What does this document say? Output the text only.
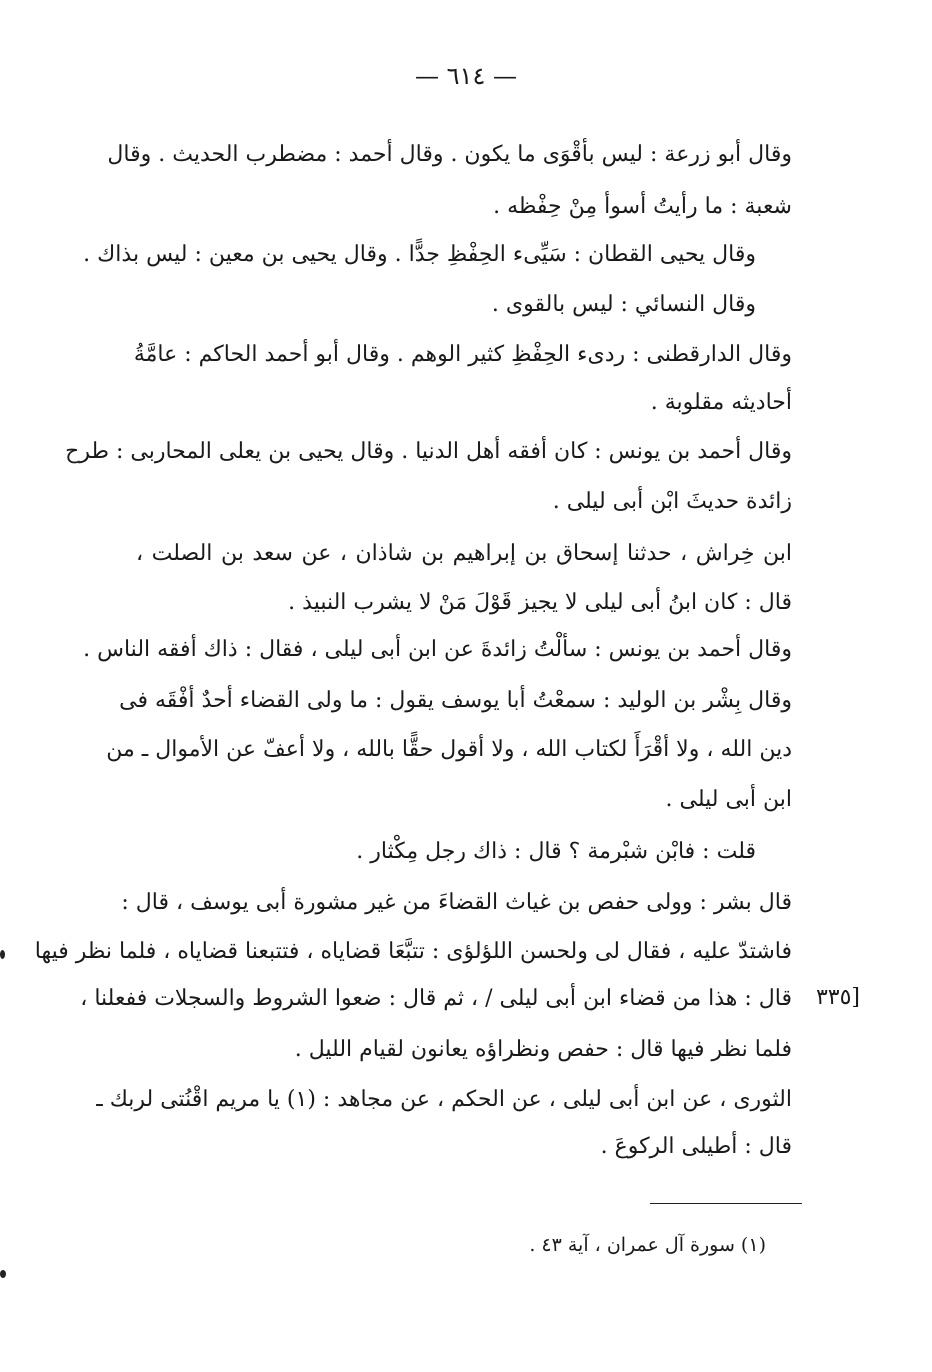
— ٦١٤ —
وقال أبو زرعة : ليس بأقْوَى ما يكون . وقال أحمد : مضطرب الحديث . وقال
شعبة : ما رأيتُ أسوأ مِنْ حِفْظه .
وقال يحيى القطان : سَيِّىء الحِفْظِ جدًّا . وقال يحيى بن معين : ليس بذاك .
وقال النسائي : ليس بالقوى .
وقال الدارقطنى : ردىء الحِفْظِ كثير الوهم . وقال أبو أحمد الحاكم : عامَّةُ
أحاديثه مقلوبة .
وقال أحمد بن يونس : كان أفقه أهل الدنيا . وقال يحيى بن يعلى المحاربى : طرح
زائدة حديثَ ابْن أبى ليلى .
ابن خِراش ، حدثنا إسحاق بن إبراهيم بن شاذان ، عن سعد بن الصلت ،
قال : كان ابنُ أبى ليلى لا يجيز قَوْلَ مَنْ لا يشرب النبيذ .
وقال أحمد بن يونس : سألْتُ زائدةَ عن ابن أبى ليلى ، فقال : ذاك أفقه الناس .
وقال بِشْر بن الوليد : سمعْتُ أبا يوسف يقول : ما ولى القضاء أحدٌ أفْقَه فى
دين الله ، ولا أقْرَأَ لكتاب الله ، ولا أقول حقًّا بالله ، ولا أعفّ عن الأموال ـ من
ابن أبى ليلى .
قلت : فابْن شبْرمة ؟ قال : ذاك رجل مِكْثار .
قال بشر : وولى حفص بن غياث القضاءَ من غير مشورة أبى يوسف ، قال :
فاشتدّ عليه ، فقال لى ولحسن اللؤلؤى : تتبَّعَا قضاياه ، فتتبعنا قضاياه ، فلما نظر فيها
قال : هذا من قضاء ابن أبى ليلى / ، ثم قال : ضعوا الشروط والسجلات ففعلنا ،
فلما نظر فيها قال : حفص ونظراؤه يعانون لقيام الليل .
الثورى ، عن ابن أبى ليلى ، عن الحكم ، عن مجاهد : (١) يا مريم اقْنُتى لربك ـ
قال : أطيلى الركوعَ .
[٣٣٥
(١) سورة آل عمران ، آية ٤٣ .
